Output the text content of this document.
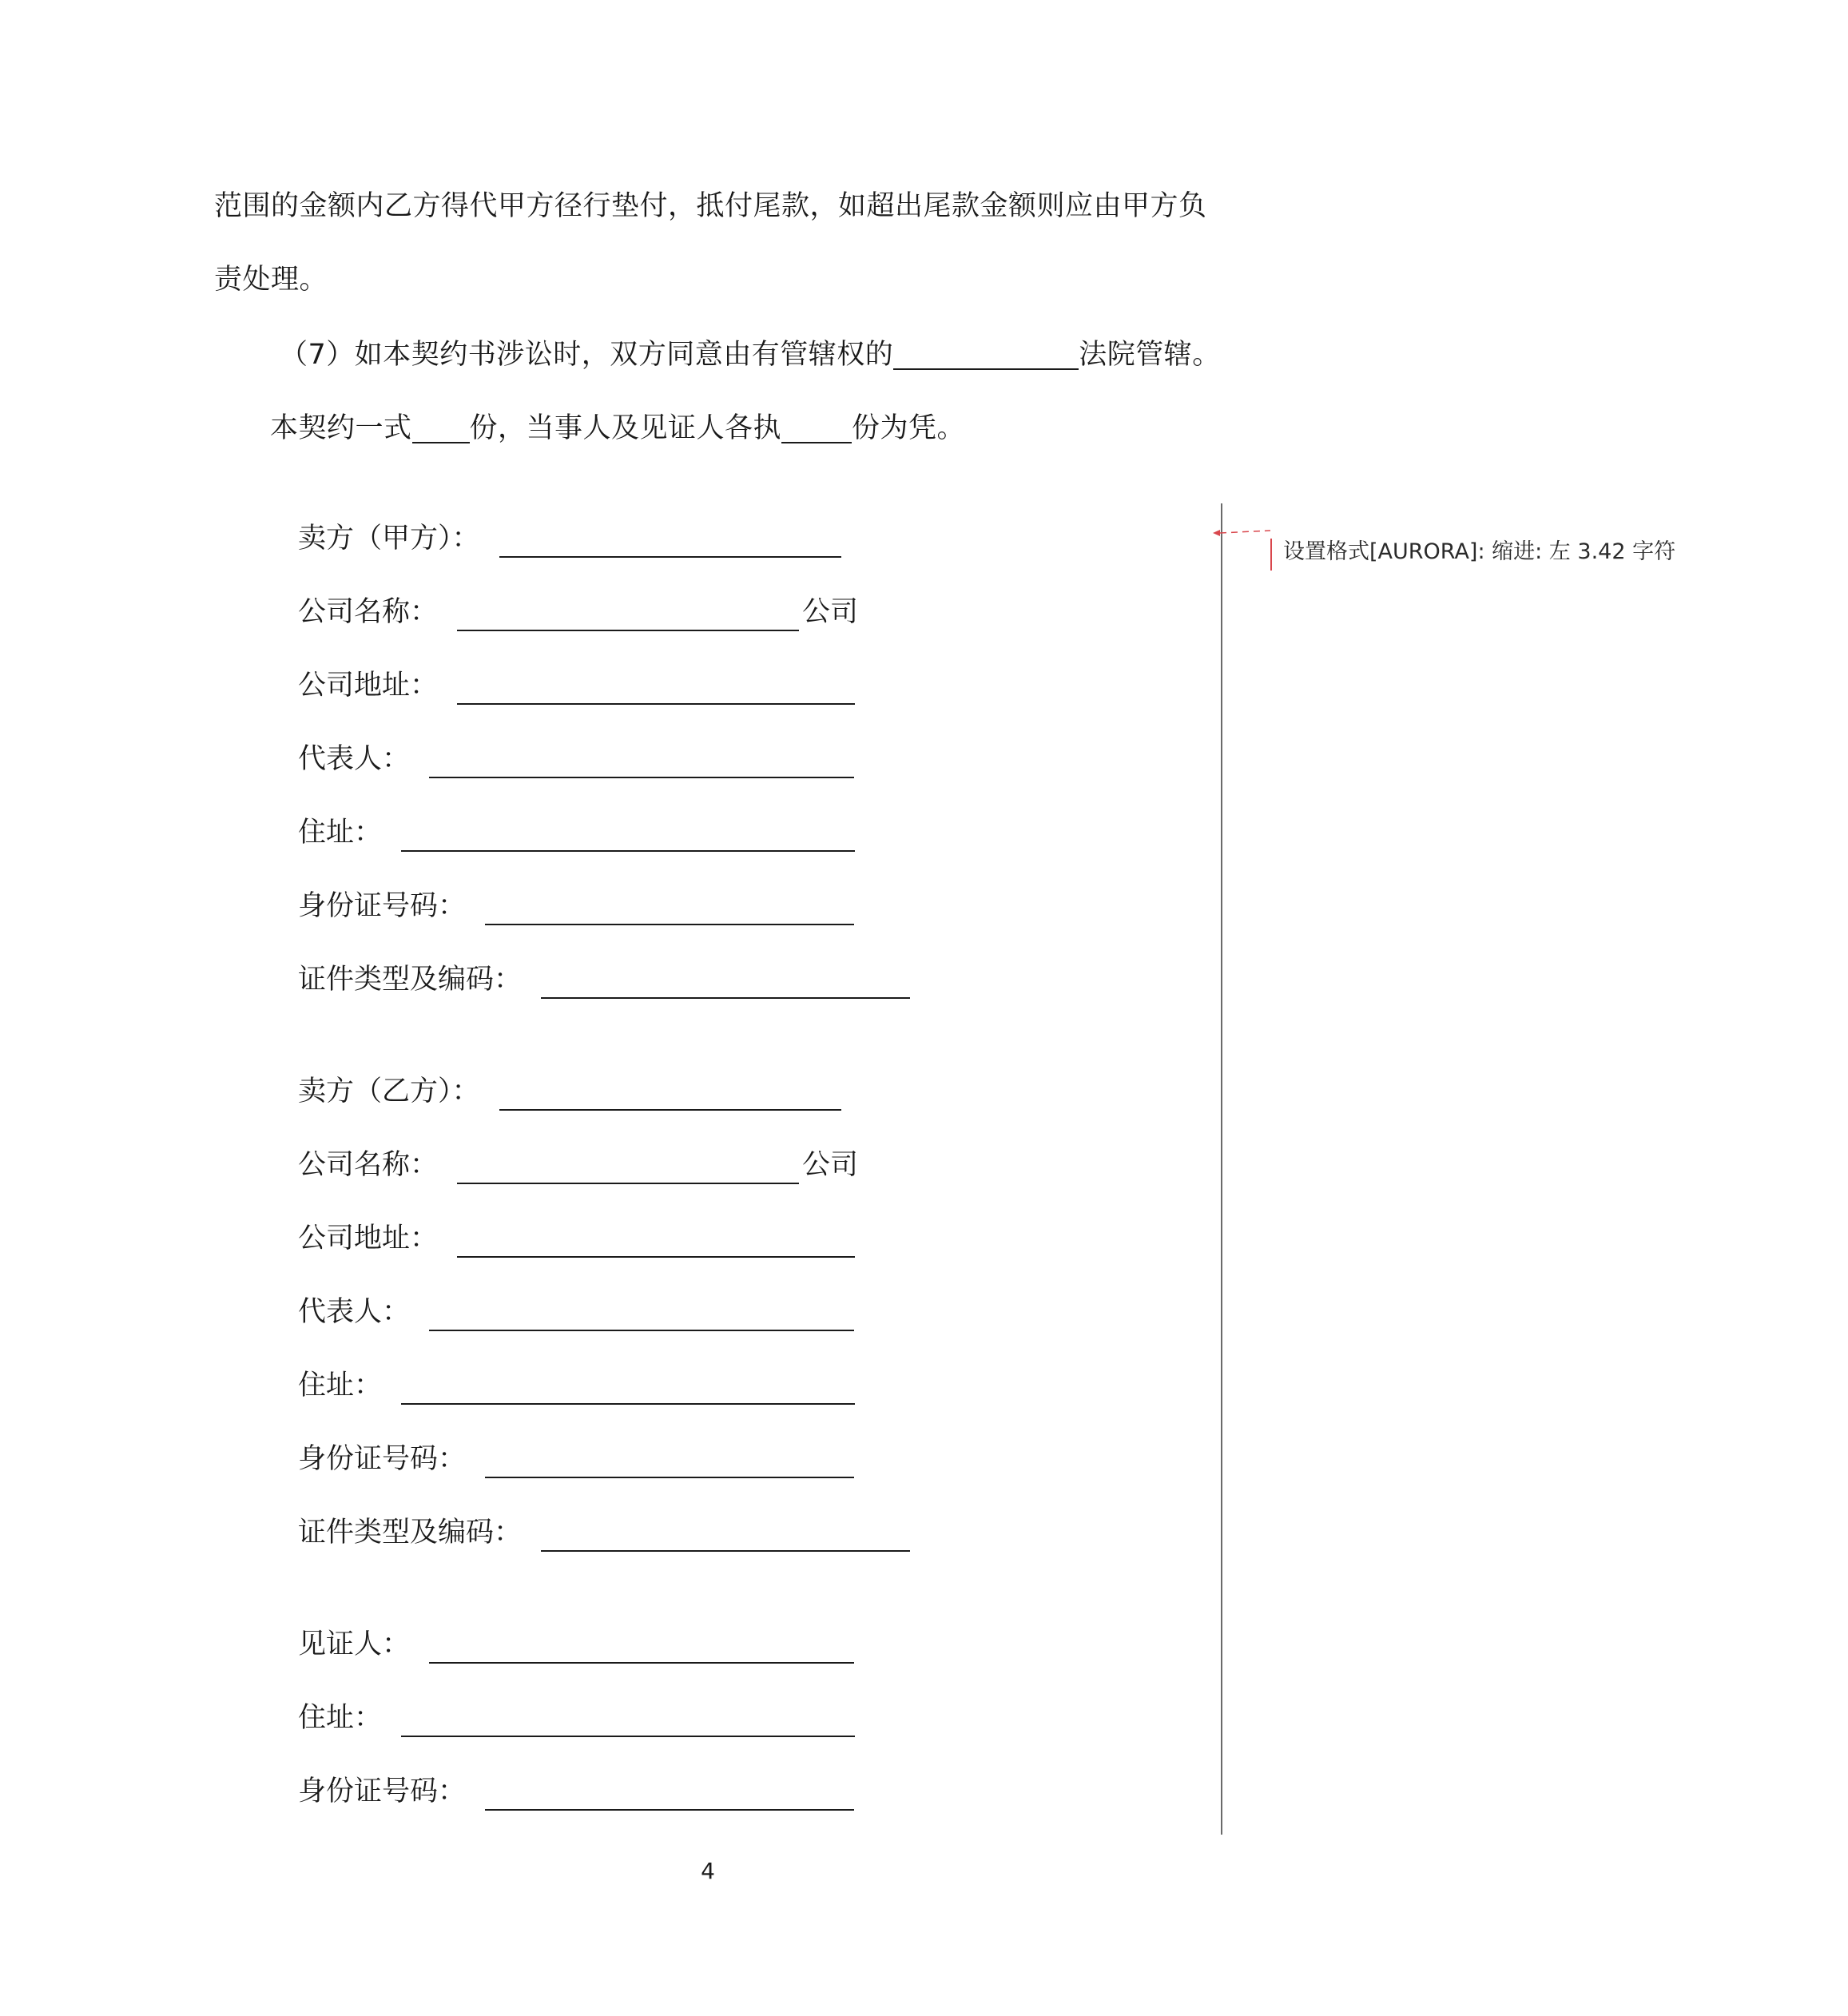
范围的金额内乙方得代甲方径行垫付，抵付尾款，如超出尾款金额则应由甲方负
责处理。
（7）如本契约书涉讼时，双方同意由有管辖权的	法院管辖。
本契约一式 份，当事人及见证人各执	份为凭。
卖方（甲方）：
公司名称：	公司
公司地址：
代表人：
住址：
身份证号码：
证件类型及编码：
卖方（乙方）：
公司名称：	公司
公司地址：
代表人：
住址：
身份证号码：
证件类型及编码：
见证人：
住址：
身份证号码：
设置格式[AURORA]: 缩进: 左 3.42 字符
4
